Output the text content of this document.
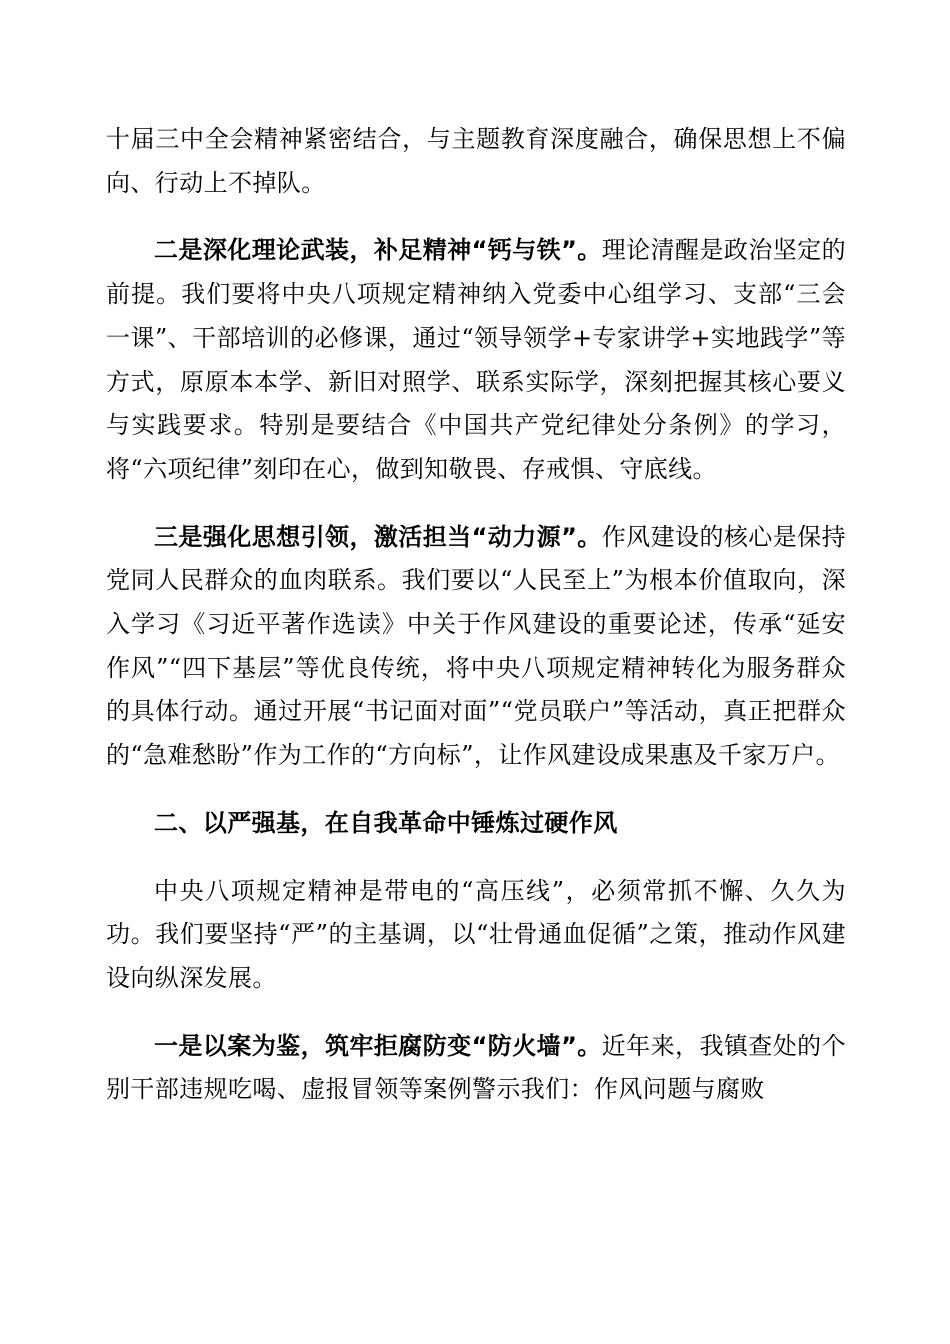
十届三中全会精神紧密结合，与主题教育深度融合，确保思想上不偏向、行动上不掉队。

二是深化理论武装，补足精神“钙与铁”。理论清醒是政治坚定的前提。我们要将中央八项规定精神纳入党委中心组学习、支部“三会一课”、干部培训的必修课，通过“领导领学+专家讲学+实地践学”等方式，原原本本学、新旧对照学、联系实际学，深刻把握其核心要义与实践要求。特别是要结合《中国共产党纪律处分条例》的学习，将“六项纪律”刻印在心，做到知敬畏、存戒惧、守底线。

三是强化思想引领，激活担当“动力源”。作风建设的核心是保持党同人民群众的血肉联系。我们要以“人民至上”为根本价值取向，深入学习《习近平著作选读》中关于作风建设的重要论述，传承“延安作风”“四下基层”等优良传统，将中央八项规定精神转化为服务群众的具体行动。通过开展“书记面对面”“党员联户”等活动，真正把群众的“急难愁盼”作为工作的“方向标”，让作风建设成果惠及千家万户。

二、以严强基，在自我革命中锤炼过硬作风

中央八项规定精神是带电的“高压线”，必须常抓不懈、久久为功。我们要坚持“严”的主基调，以“壮骨通血促循”之策，推动作风建设向纵深发展。

一是以案为鉴，筑牢拒腐防变“防火墙”。近年来，我镇查处的个别干部违规吃喝、虚报冒领等案例警示我们：作风问题与腐败
